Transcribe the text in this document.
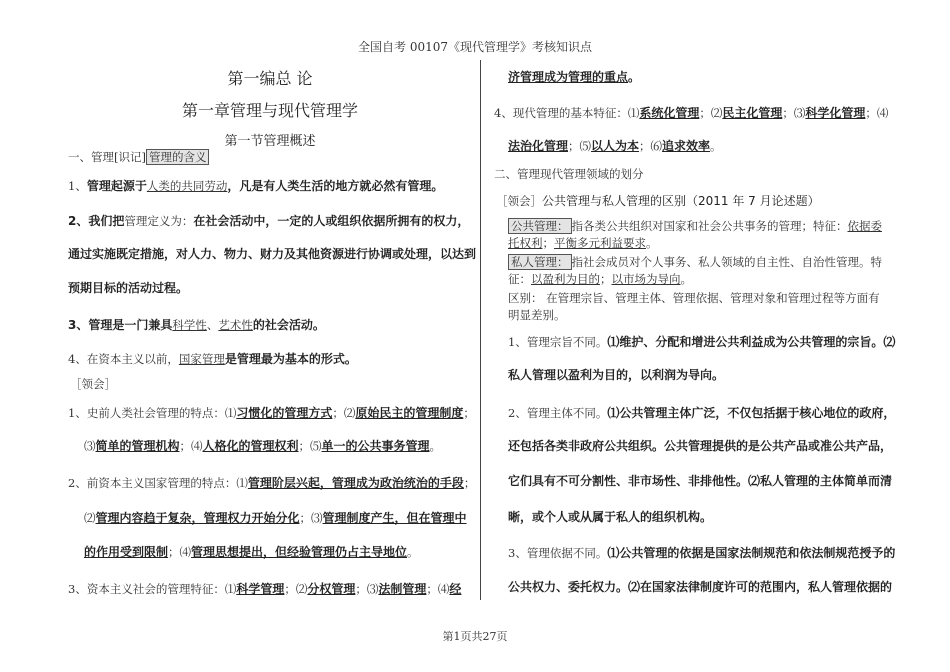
全国自考 00107《现代管理学》考核知识点
第一编总 论
第一章管理与现代管理学
第一节管理概述
一、管理[识记] 管理的含义
1、管理起源于人类的共同劳动，凡是有人类生活的地方就必然有管理。
2、我们把管理定义为：在社会活动中，一定的人或组织依据所拥有的权力，
通过实施既定措施，对人力、物力、财力及其他资源进行协调或处理，以达到
预期目标的活动过程。
3、管理是一门兼具科学性、艺术性的社会活动。
4、在资本主义以前，国家管理是管理最为基本的形式。
［领会］
1、史前人类社会管理的特点：⑴习惯化的管理方式；⑵原始民主的管理制度；
⑶简单的管理机构；⑷人格化的管理权利；⑸单一的公共事务管理。
2、前资本主义国家管理的特点：⑴管理阶层兴起，管理成为政治统治的手段；
⑵管理内容趋于复杂，管理权力开始分化；⑶管理制度产生，但在管理中
的作用受到限制；⑷管理思想提出，但经验管理仍占主导地位。
3、资本主义社会的管理特征：⑴科学管理；⑵分权管理；⑶法制管理；⑷经
济管理成为管理的重点。
4、现代管理的基本特征：⑴系统化管理；⑵民主化管理；⑶科学化管理；⑷
法治化管理；⑸以人为本；⑹追求效率。
二、管理现代管理领域的划分
［领会］公共管理与私人管理的区别（2011 年 7 月论述题）
公共管理： 指各类公共组织对国家和社会公共事务的管理；特征：依据委
托权利；平衡多元利益要求。
私人管理： 指社会成员对个人事务、私人领域的自主性、自治性管理。特
征：以盈利为目的；以市场为导向。
区别： 在管理宗旨、管理主体、管理依据、管理对象和管理过程等方面有
明显差别。
1、管理宗旨不同。⑴维护、分配和增进公共利益成为公共管理的宗旨。⑵
私人管理以盈利为目的，以利润为导向。
2、管理主体不同。⑴公共管理主体广泛，不仅包括据于核心地位的政府，
还包括各类非政府公共组织。公共管理提供的是公共产品或准公共产品，
它们具有不可分割性、非市场性、非排他性。⑵私人管理的主体简单而清
晰，或个人或从属于私人的组织机构。
3、管理依据不同。⑴公共管理的依据是国家法制规范和依法制规范授予的
公共权力、委托权力。⑵在国家法律制度许可的范围内，私人管理依据的
第1页共27页
